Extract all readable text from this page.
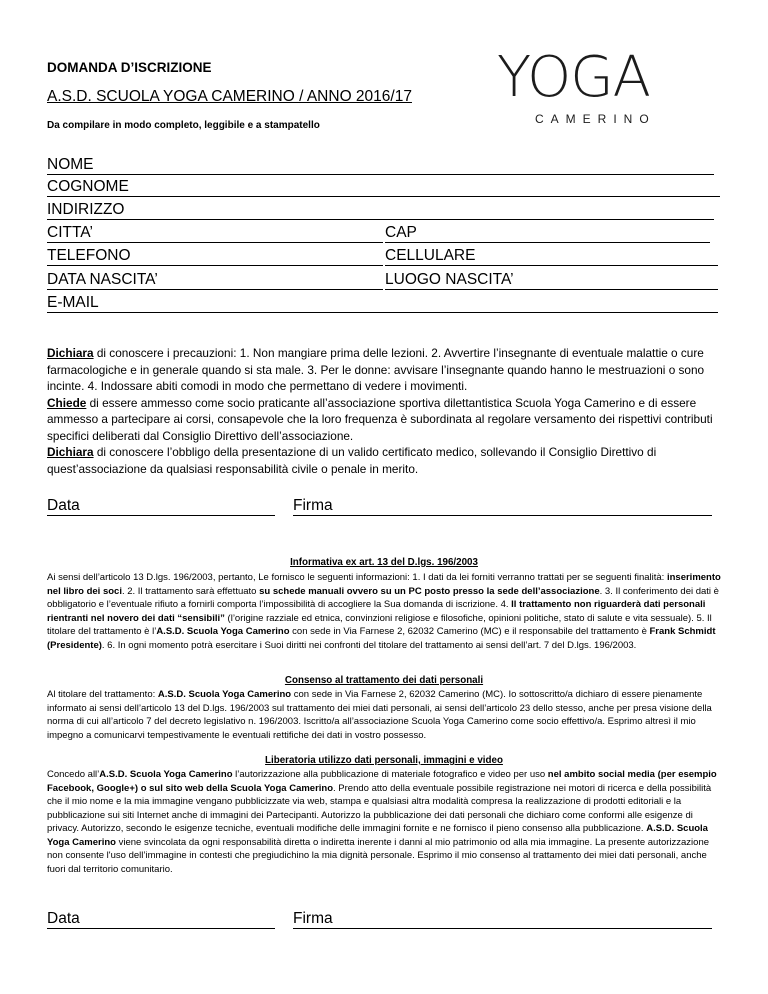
DOMANDA D’ISCRIZIONE
A.S.D. SCUOLA YOGA CAMERINO / ANNO 2016/17
Da compilare in modo completo, leggibile e a stampatello
YOGA
CAMERINO
NOME
COGNOME
INDIRIZZO
CITTA’	CAP
TELEFONO	CELLULARE
DATA NASCITA’	LUOGO NASCITA’
E-MAIL
Dichiara di conoscere i precauzioni: 1. Non mangiare prima delle lezioni. 2. Avvertire l’insegnante di eventuale malattie o cure farmacologiche e in generale quando si sta male. 3. Per le donne: avvisare l’insegnante quando hanno le mestruazioni o sono incinte. 4. Indossare abiti comodi in modo che permettano di vedere i movimenti.
Chiede di essere ammesso come socio praticante all’associazione sportiva dilettantistica Scuola Yoga Camerino e di essere ammesso a partecipare ai corsi, consapevole che la loro frequenza è subordinata al regolare versamento dei rispettivi contributi specifici deliberati dal Consiglio Direttivo dell’associazione.
Dichiara di conoscere l’obbligo della presentazione di un valido certificato medico, sollevando il Consiglio Direttivo di quest’associazione da qualsiasi responsabilità civile o penale in merito.
Data	Firma
Informativa ex art. 13 del D.lgs. 196/2003
Ai sensi dell’articolo 13 D.lgs. 196/2003, pertanto, Le fornisco le seguenti informazioni: 1. I dati da lei forniti verranno trattati per se seguenti finalità: inserimento nel libro dei soci. 2. Il trattamento sarà effettuato su schede manuali ovvero su un PC posto presso la sede dell’associazione. 3. Il conferimento dei dati è obbligatorio e l’eventuale rifiuto a fornirli comporta l’impossibilità di accogliere la Sua domanda di iscrizione. 4. Il trattamento non riguarderà dati personali rientranti nel novero dei dati “sensibili” (l’origine razziale ed etnica, convinzioni religiose e filosofiche, opinioni politiche, stato di salute e vita sessuale). 5. Il titolare del trattamento è l’A.S.D. Scuola Yoga Camerino con sede in Via Farnese 2, 62032 Camerino (MC) e il responsabile del trattamento è Frank Schmidt (Presidente). 6. In ogni momento potrà esercitare i Suoi diritti nei confronti del titolare del trattamento ai sensi dell’art. 7 del D.lgs. 196/2003.
Consenso al trattamento dei dati personali
Al titolare del trattamento: A.S.D. Scuola Yoga Camerino con sede in Via Farnese 2, 62032 Camerino (MC). Io sottoscritto/a dichiaro di essere pienamente informato ai sensi dell’articolo 13 del D.lgs. 196/2003 sul trattamento dei miei dati personali, ai sensi dell’articolo 23 dello stesso, anche per presa visione della norma di cui all’articolo 7 del decreto legislativo n. 196/2003. Iscritto/a all’associazione Scuola Yoga Camerino come socio effettivo/a. Esprimo altresì il mio impegno a comunicarvi tempestivamente le eventuali rettifiche dei dati in vostro possesso.
Liberatoria utilizzo dati personali, immagini e video
Concedo all’A.S.D. Scuola Yoga Camerino l’autorizzazione alla pubblicazione di materiale fotografico e video per uso nel ambito social media (per esempio Facebook, Google+) o sul sito web della Scuola Yoga Camerino. Prendo atto della eventuale possibile registrazione nei motori di ricerca e della possibilità che il mio nome e la mia immagine vengano pubblicizzate via web, stampa e qualsiasi altra modalità compresa la realizzazione di prodotti editoriali e la pubblicazione sui siti Internet anche di immagini dei Partecipanti. Autorizzo la pubblicazione dei dati personali che dichiaro come conformi alle esigenze di privacy. Autorizzo, secondo le esigenze tecniche, eventuali modifiche delle immagini fornite e ne fornisco il pieno consenso alla pubblicazione. A.S.D. Scuola Yoga Camerino viene svincolata da ogni responsabilità diretta o indiretta inerente i danni al mio patrimonio od alla mia immagine. La presente autorizzazione non consente l'uso dell’immagine in contesti che pregiudichino la mia dignità personale. Esprimo il mio consenso al trattamento dei miei dati personali, anche fuori dal territorio comunitario.
Data	Firma
